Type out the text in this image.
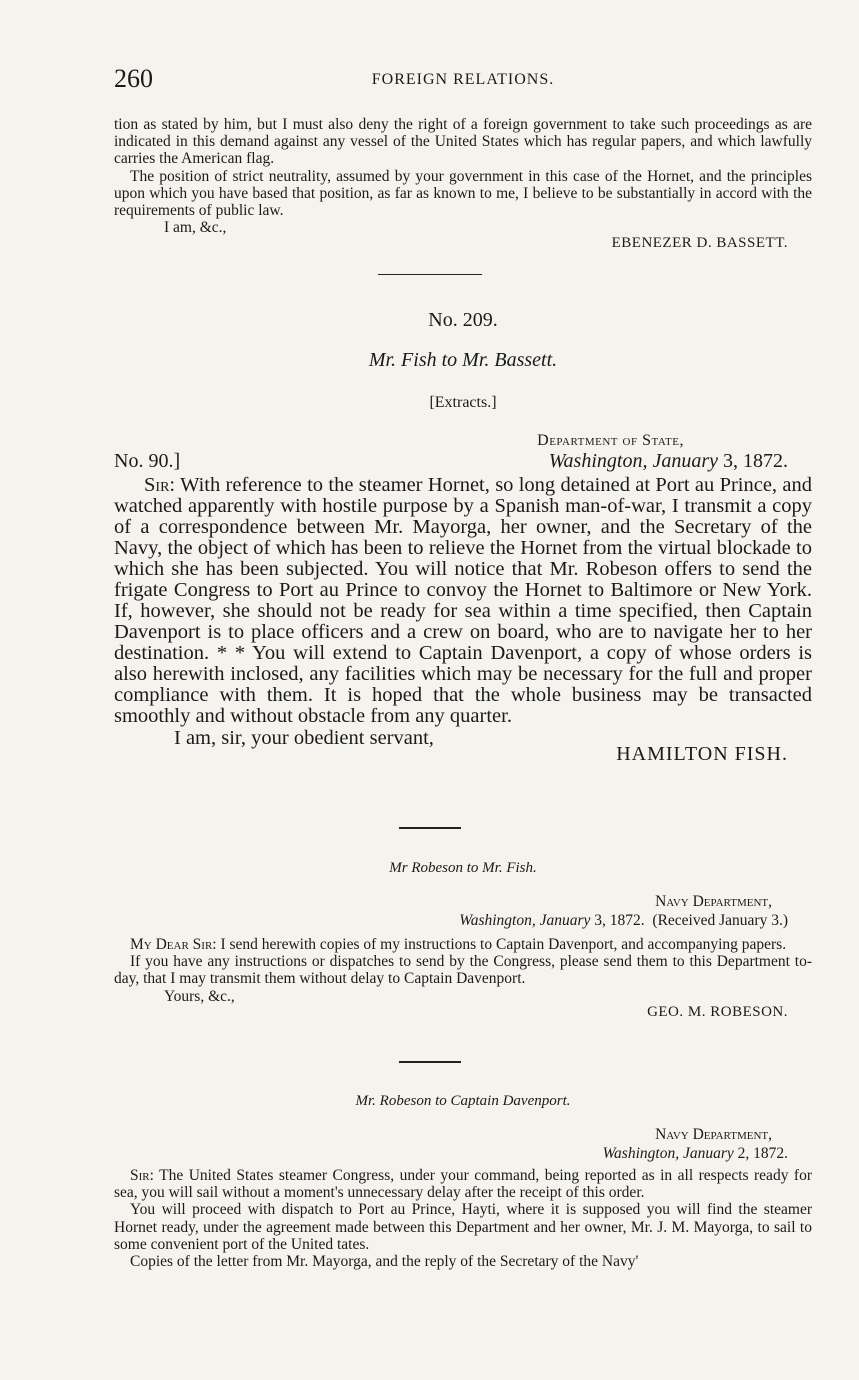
260	FOREIGN RELATIONS.

tion as stated by him, but I must also deny the right of a foreign government to take such proceedings as are indicated in this demand against any vessel of the United States which has regular papers, and which lawfully carries the American flag.

The position of strict neutrality, assumed by your government in this case of the Hornet, and the principles upon which you have based that position, as far as known to me, I believe to be substantially in accord with the requirements of public law.

I am, &c.,
EBENEZER D. BASSETT.
No. 209.
Mr. Fish to Mr. Bassett.
[Extracts.]
Department of State,
No. 90.]	Washington, January 3, 1872.

Sir: With reference to the steamer Hornet, so long detained at Port au Prince, and watched apparently with hostile purpose by a Spanish man-of-war, I transmit a copy of a correspondence between Mr. Mayorga, her owner, and the Secretary of the Navy, the object of which has been to relieve the Hornet from the virtual blockade to which she has been subjected. You will notice that Mr. Robeson offers to send the frigate Congress to Port au Prince to convoy the Hornet to Baltimore or New York. If, however, she should not be ready for sea within a time specified, then Captain Davenport is to place officers and a crew on board, who are to navigate her to her destination. * * You will extend to Captain Davenport, a copy of whose orders is also herewith inclosed, any facilities which may be necessary for the full and proper compliance with them. It is hoped that the whole business may be transacted smoothly and without obstacle from any quarter.

I am, sir, your obedient servant,
HAMILTON FISH.
Mr Robeson to Mr. Fish.
Navy Department,
Washington, January 3, 1872. (Received January 3.)

My Dear Sir: I send herewith copies of my instructions to Captain Davenport, and accompanying papers.

If you have any instructions or dispatches to send by the Congress, please send them to this Department to-day, that I may transmit them without delay to Captain Davenport.

Yours, &c.,
GEO. M. ROBESON.
Mr. Robeson to Captain Davenport.
Navy Department,
Washington, January 2, 1872.

Sir: The United States steamer Congress, under your command, being reported as in all respects ready for sea, you will sail without a moment's unnecessary delay after the receipt of this order.

You will proceed with dispatch to Port au Prince, Hayti, where it is supposed you will find the steamer Hornet ready, under the agreement made between this Department and her owner, Mr. J. M. Mayorga, to sail to some convenient port of the United tates.

Copies of the letter from Mr. Mayorga, and the reply of the Secretary of the Navy'
